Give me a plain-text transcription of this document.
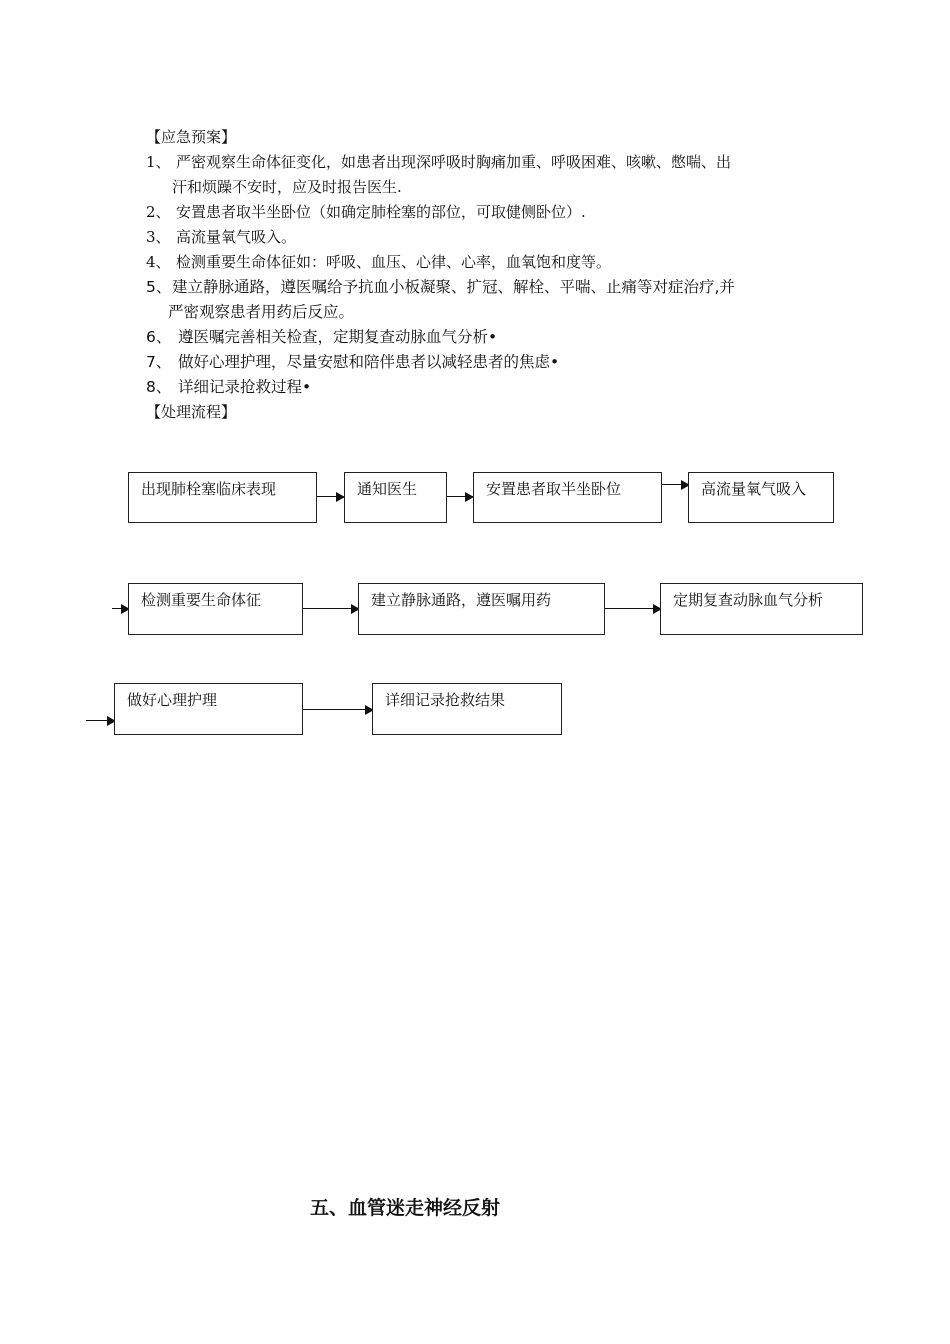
【应急预案】
1、 严密观察生命体征变化，如患者出现深呼吸时胸痛加重、呼吸困难、咳嗽、憋喘、出
汗和烦躁不安时，应及时报告医生.
2、 安置患者取半坐卧位（如确定肺栓塞的部位，可取健侧卧位）.
3、 高流量氧气吸入。
4、 检测重要生命体征如：呼吸、血压、心律、心率，血氧饱和度等。
5、建立静脉通路，遵医嘱给予抗血小板凝聚、扩冠、解栓、平喘、止痛等对症治疗,并
严密观察患者用药后反应。
6、 遵医嘱完善相关检查，定期复查动脉血气分析•
7、 做好心理护理，尽量安慰和陪伴患者以减轻患者的焦虑•
8、 详细记录抢救过程•
【处理流程】
出现肺栓塞临床表现	通知医生	安置患者取半坐卧位	高流量氧气吸入
检测重要生命体征	建立静脉通路，遵医嘱用药	定期复查动脉血气分析
做好心理护理	详细记录抢救结果
五、血管迷走神经反射
